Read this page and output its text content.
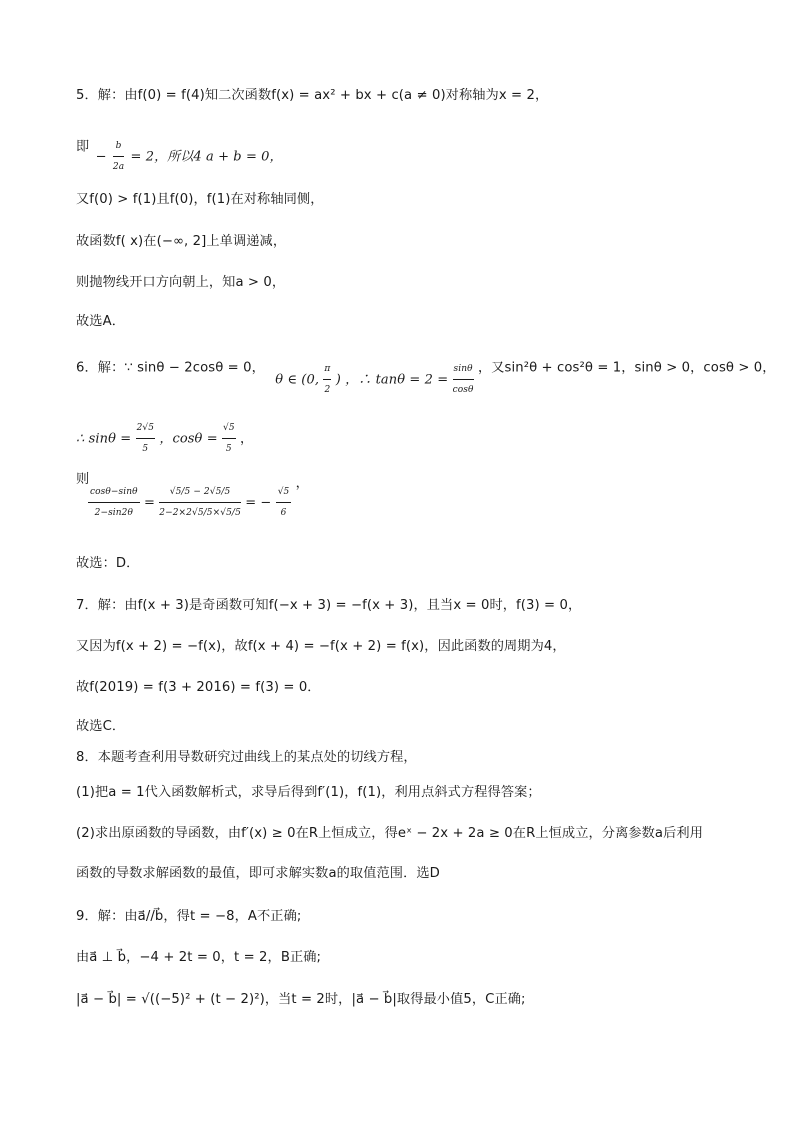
5．解：由f(0) = f(4)知二次函数f(x) = ax² + bx + c(a ≠ 0)对称轴为x = 2，
即 − $\frac{b}{2a} = 2$，所以4 a + b = 0，
又f(0) > f(1)且f(0)，f(1)在对称轴同侧，
故函数f( x)在(−∞, 2]上单调递减，
则抛物线开口方向朝上，知a > 0，
故选A．
6．解：∵ sinθ − 2cosθ = 0， θ ∈ (0, $\frac{\pi}{2}$ ) ，∴ $\tan\theta = 2 = \frac{\sin\theta}{\cos\theta}$ ，又sin²θ + cos²θ = 1，sinθ > 0，cosθ > 0，
∴ $\sin\theta = \frac{2√5}{5}$ ，$\cos\theta = \frac{√5}{5}$ ，
则
$\frac{\cos\theta-\sin\theta}{2-\sin 2\theta} = \frac{√5/5 - 2√5/5}{2-2\times 2√5/5\times√5/5}$ = − $\frac{√5}{6}$ ，
故选：D．
7．解：由f(x + 3)是奇函数可知f(−x + 3) = −f(x + 3)，且当x = 0时，f(3) = 0，
又因为f(x + 2) = −f(x)，故f(x + 4) = −f(x + 2) = f(x)，因此函数的周期为4，
故f(2019) = f(3 + 2016) = f(3) = 0．
故选C．
8．本题考查利用导数研究过曲线上的某点处的切线方程，
(1)把a = 1代入函数解析式，求导后得到f′(1)，f(1)，利用点斜式方程得答案；
(2)求出原函数的导函数，由f′(x) ≥ 0在R上恒成立，得eˣ − 2x + 2a ≥ 0在R上恒成立，分离参数a后利用
函数的导数求解函数的最值，即可求解实数a的取值范围．选D
9．解：由a⃗//b⃗，得t = −8，A不正确;
由a⃗ ⊥ b⃗，−4 + 2t = 0，t = 2，B正确;
|a⃗ − b⃗| = √((−5)² + (t − 2)²)，当t = 2时，|a⃗ − b⃗|取得最小值5，C正确;
